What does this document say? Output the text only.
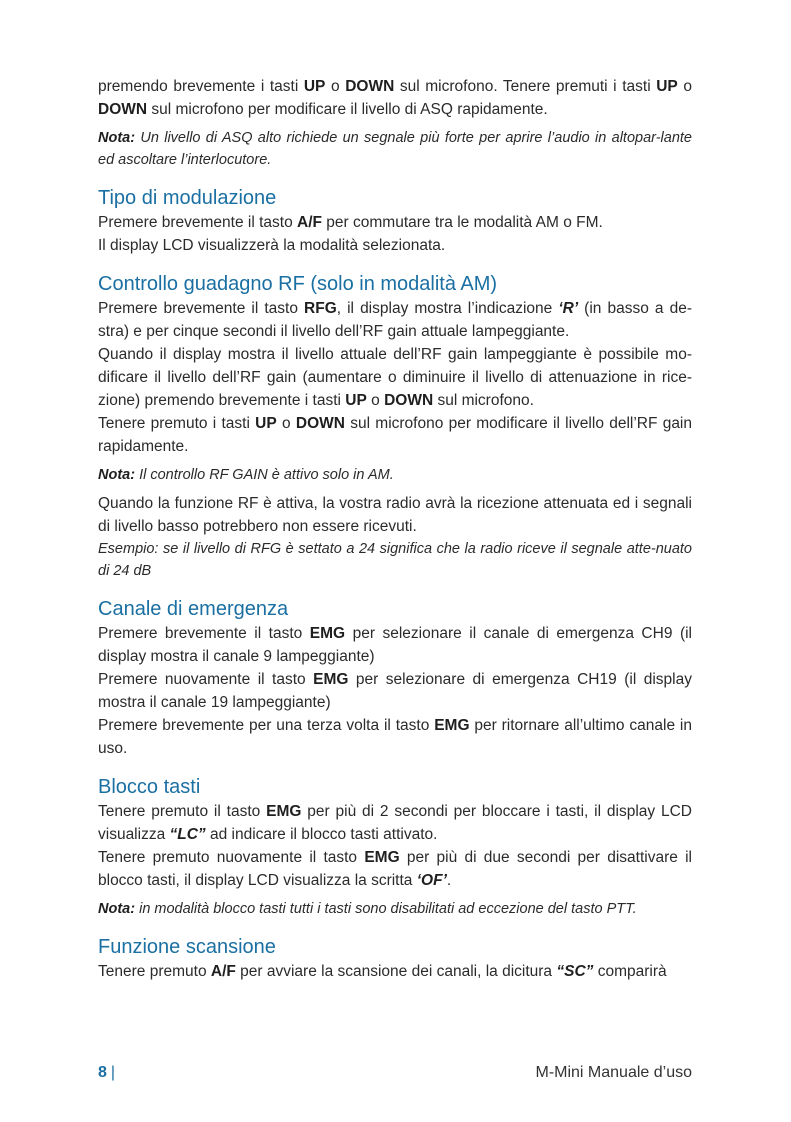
premendo brevemente i tasti UP o DOWN sul microfono. Tenere premuti i tasti UP o DOWN sul microfono per modificare il livello di ASQ rapidamente.

Nota: Un livello di ASQ alto richiede un segnale più forte per aprire l’audio in altopar-lante ed ascoltare l’interlocutore.

Tipo di modulazione

Premere brevemente il tasto A/F per commutare tra le modalità AM o FM.
Il display LCD visualizzerà la modalità selezionata.

Controllo guadagno RF (solo in modalità AM)

Premere brevemente il tasto RFG, il display mostra l’indicazione ‘R’ (in basso a de-stra) e per cinque secondi il livello dell’RF gain attuale lampeggiante.

Quando il display mostra il livello attuale dell’RF gain lampeggiante è possibile mo-dificare il livello dell’RF gain (aumentare o diminuire il livello di attenuazione in rice-zione) premendo brevemente i tasti UP o DOWN sul microfono.

Tenere premuto i tasti UP o DOWN sul microfono per modificare il livello dell’RF gain rapidamente.

Nota: Il controllo RF GAIN è attivo solo in AM.

Quando la funzione RF è attiva, la vostra radio avrà la ricezione attenuata ed i segnali di livello basso potrebbero non essere ricevuti.

Esempio: se il livello di RFG è settato a 24 significa che la radio riceve il segnale atte-nuato di 24 dB

Canale di emergenza

Premere brevemente il tasto EMG per selezionare il canale di emergenza CH9 (il display mostra il canale 9 lampeggiante)

Premere nuovamente il tasto EMG per selezionare di emergenza CH19 (il display mostra il canale 19 lampeggiante)

Premere brevemente per una terza volta il tasto EMG per ritornare all’ultimo canale in uso.

Blocco tasti

Tenere premuto il tasto EMG per più di 2 secondi per bloccare i tasti, il display LCD visualizza “LC” ad indicare il blocco tasti attivato.

Tenere premuto nuovamente il tasto EMG per più di due secondi per disattivare il blocco tasti, il display LCD visualizza la scritta ‘OF’.

Nota: in modalità blocco tasti tutti i tasti sono disabilitati ad eccezione del tasto PTT.

Funzione scansione

Tenere premuto A/F per avviare la scansione dei canali, la dicitura “SC” comparirà

8 |	M-Mini Manuale d’uso
